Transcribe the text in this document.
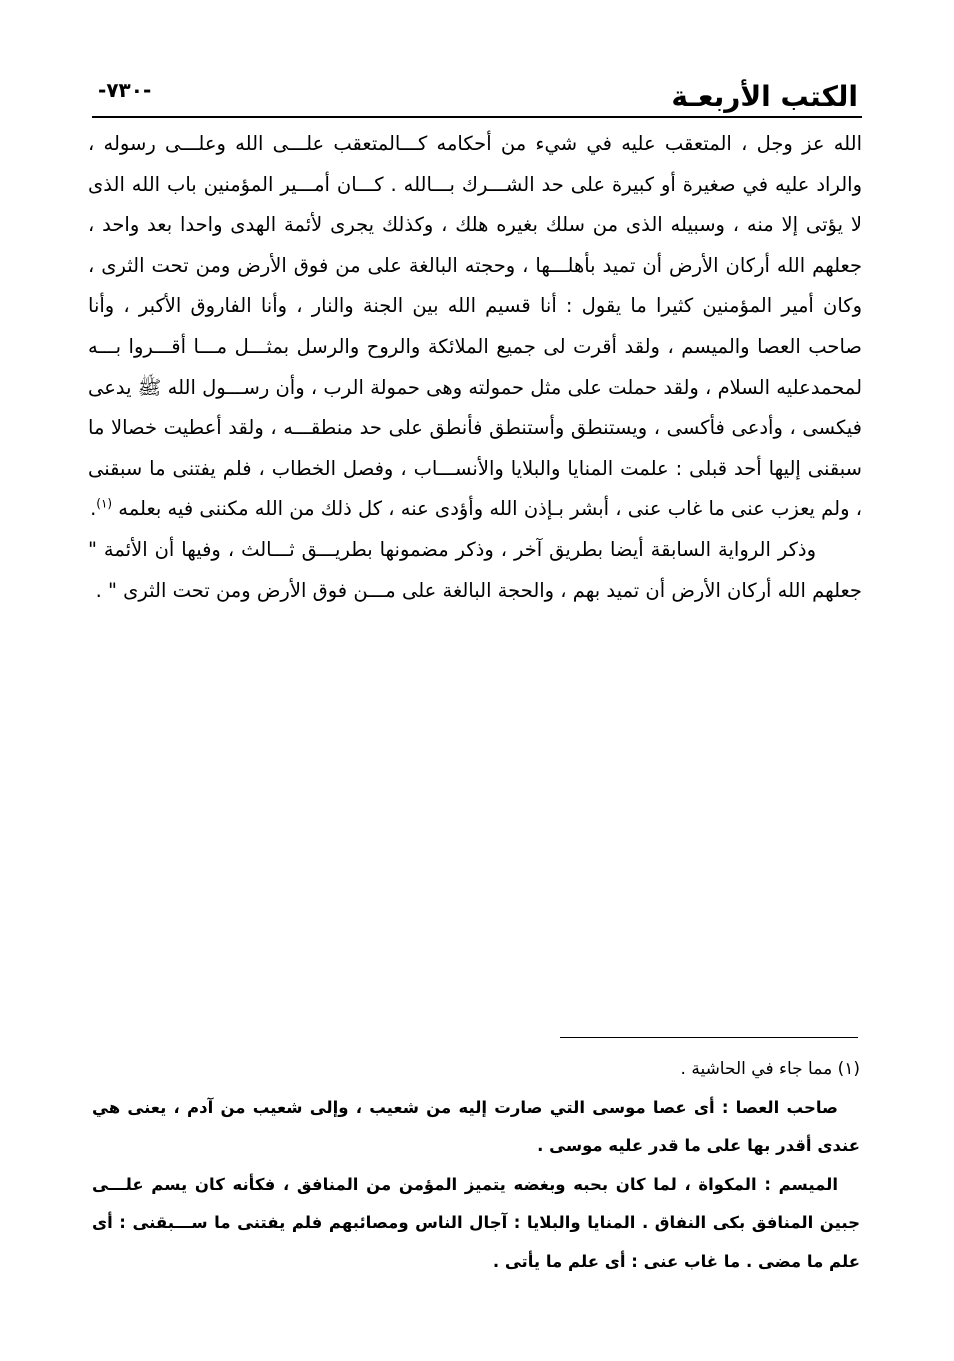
الكتب الأربعـة
-٧٣٠-

الله عز وجل ، المتعقب عليه في شيء من أحكامه كـــالمتعقب علـــى الله وعلـــى رسوله ، والراد عليه في صغيرة أو كبيرة على حد الشـــرك بـــالله . كـــان أمـــير المؤمنين باب الله الذى لا يؤتى إلا منه ، وسبيله الذى من سلك بغيره هلك ، وكذلك يجرى لأئمة الهدى واحدا بعد واحد ، جعلهم الله أركان الأرض أن تميد بأهلـــها ، وحجته البالغة على من فوق الأرض ومن تحت الثرى ، وكان أمير المؤمنين كثيرا ما يقول : أنا قسيم الله بين الجنة والنار ، وأنا الفاروق الأكبر ، وأنا صاحب العصا والميسم ، ولقد أقرت لى جميع الملائكة والروح والرسل بمثـــل مـــا أقـــروا بـــه لمحمدعليه السلام ، ولقد حملت على مثل حمولته وهى حمولة الرب ، وأن رســـول الله ﷺ يدعى فيكسى ، وأدعى فأكسى ، ويستنطق وأستنطق فأنطق على حد منطقـــه ، ولقد أعطيت خصالا ما سبقنى إليها أحد قبلى : علمت المنايا والبلايا والأنســـاب ، وفصل الخطاب ، فلم يفتنى ما سبقنى ، ولم يعزب عنى ما غاب عنى ، أبشر بـإذن الله وأؤدى عنه ، كل ذلك من الله مكننى فيه بعلمه $^{(١)}$.

وذكر الرواية السابقة أيضا بطريق آخر ، وذكر مضمونها بطريـــق ثـــالث ، وفيها أن الأئمة " جعلهم الله أركان الأرض أن تميد بهم ، والحجة البالغة على مـــن فوق الأرض ومن تحت الثرى " .

(١) مما جاء في الحاشية .

صاحب العصا : أى عصا موسى التي صارت إليه من شعيب ، وإلى شعيب من آدم ، يعنى هي عندى أقدر بها على ما قدر عليه موسى .

الميسم : المكواة ، لما كان بحبه وبغضه يتميز المؤمن من المنافق ، فكأنه كان يسم علـــى جبين المنافق بكى النفاق . المنايا والبلايا : آجال الناس ومصائبهم فلم يفتنى ما ســـبقنى : أى علم ما مضى . ما غاب عنى : أى علم ما يأتى .
